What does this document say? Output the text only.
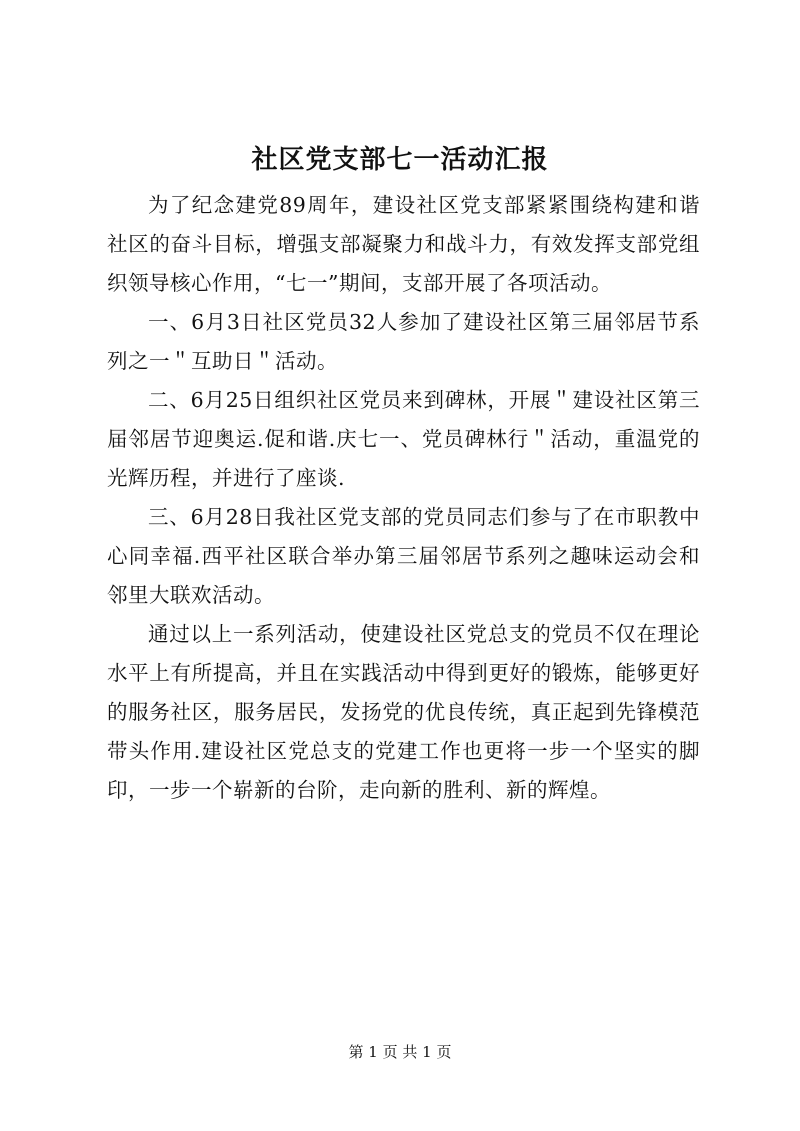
社区党支部七一活动汇报

为了纪念建党89周年，建设社区党支部紧紧围绕构建和谐社区的奋斗目标，增强支部凝聚力和战斗力，有效发挥支部党组织领导核心作用，“七一”期间，支部开展了各项活动。

一、6月3日社区党员32人参加了建设社区第三届邻居节系列之一＂互助日＂活动。

二、6月25日组织社区党员来到碑林，开展＂建设社区第三届邻居节迎奥运.促和谐.庆七一、党员碑林行＂活动，重温党的光辉历程，并进行了座谈.

三、6月28日我社区党支部的党员同志们参与了在市职教中心同幸福.西平社区联合举办第三届邻居节系列之趣味运动会和邻里大联欢活动。

通过以上一系列活动，使建设社区党总支的党员不仅在理论水平上有所提高，并且在实践活动中得到更好的锻炼，能够更好的服务社区，服务居民，发扬党的优良传统，真正起到先锋模范带头作用.建设社区党总支的党建工作也更将一步一个坚实的脚印，一步一个崭新的台阶，走向新的胜利、新的辉煌。

第 1 页 共 1 页
